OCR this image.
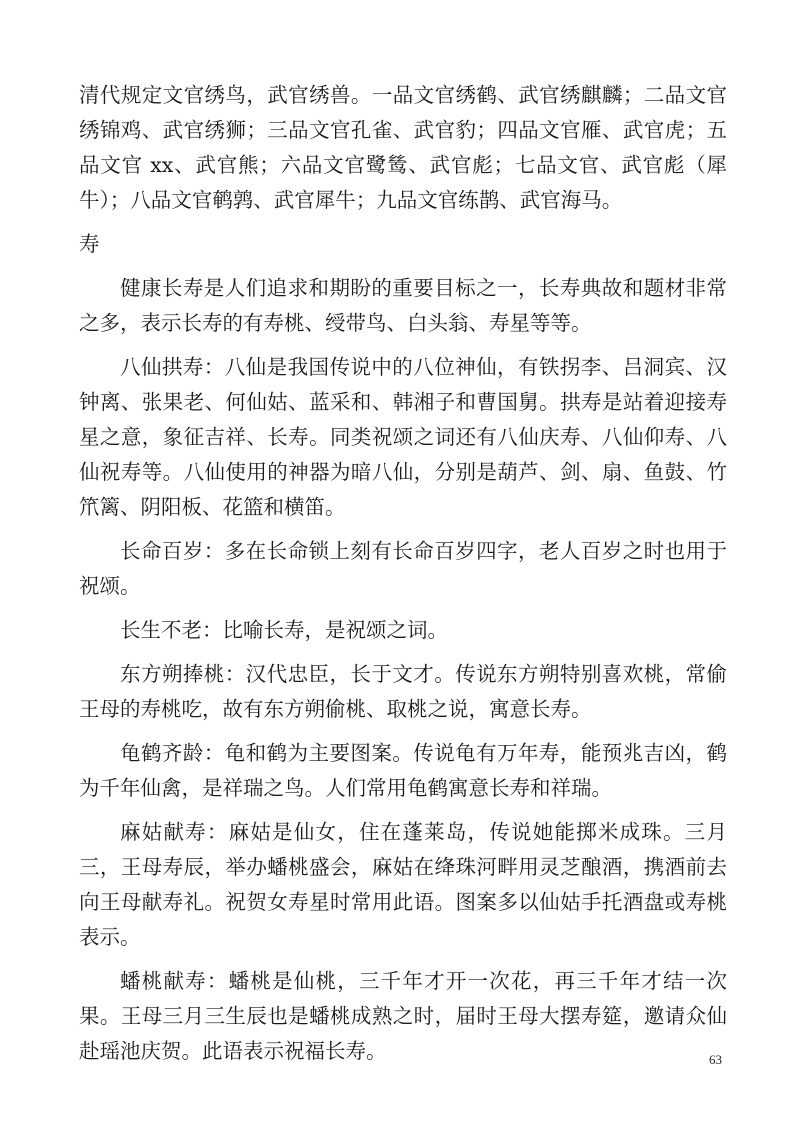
清代规定文官绣鸟，武官绣兽。一品文官绣鹤、武官绣麒麟；二品文官绣锦鸡、武官绣狮；三品文官孔雀、武官豹；四品文官雁、武官虎；五品文官 xx、武官熊；六品文官鹭鸶、武官彪；七品文官、武官彪（犀牛）；八品文官鹌鹑、武官犀牛；九品文官练鹊、武官海马。

寿

健康长寿是人们追求和期盼的重要目标之一，长寿典故和题材非常之多，表示长寿的有寿桃、绶带鸟、白头翁、寿星等等。

八仙拱寿：八仙是我国传说中的八位神仙，有铁拐李、吕洞宾、汉钟离、张果老、何仙姑、蓝采和、韩湘子和曹国舅。拱寿是站着迎接寿星之意，象征吉祥、长寿。同类祝颂之词还有八仙庆寿、八仙仰寿、八仙祝寿等。八仙使用的神器为暗八仙，分别是葫芦、剑、扇、鱼鼓、竹笊篱、阴阳板、花篮和横笛。

长命百岁：多在长命锁上刻有长命百岁四字，老人百岁之时也用于祝颂。

长生不老：比喻长寿，是祝颂之词。

东方朔捧桃：汉代忠臣，长于文才。传说东方朔特别喜欢桃，常偷王母的寿桃吃，故有东方朔偷桃、取桃之说，寓意长寿。

龟鹤齐龄：龟和鹤为主要图案。传说龟有万年寿，能预兆吉凶，鹤为千年仙禽，是祥瑞之鸟。人们常用龟鹤寓意长寿和祥瑞。

麻姑献寿：麻姑是仙女，住在蓬莱岛，传说她能掷米成珠。三月三，王母寿辰，举办蟠桃盛会，麻姑在绛珠河畔用灵芝酿酒，携酒前去向王母献寿礼。祝贺女寿星时常用此语。图案多以仙姑手托酒盘或寿桃表示。

蟠桃献寿：蟠桃是仙桃，三千年才开一次花，再三千年才结一次果。王母三月三生辰也是蟠桃成熟之时，届时王母大摆寿筵，邀请众仙赴瑶池庆贺。此语表示祝福长寿。	63
